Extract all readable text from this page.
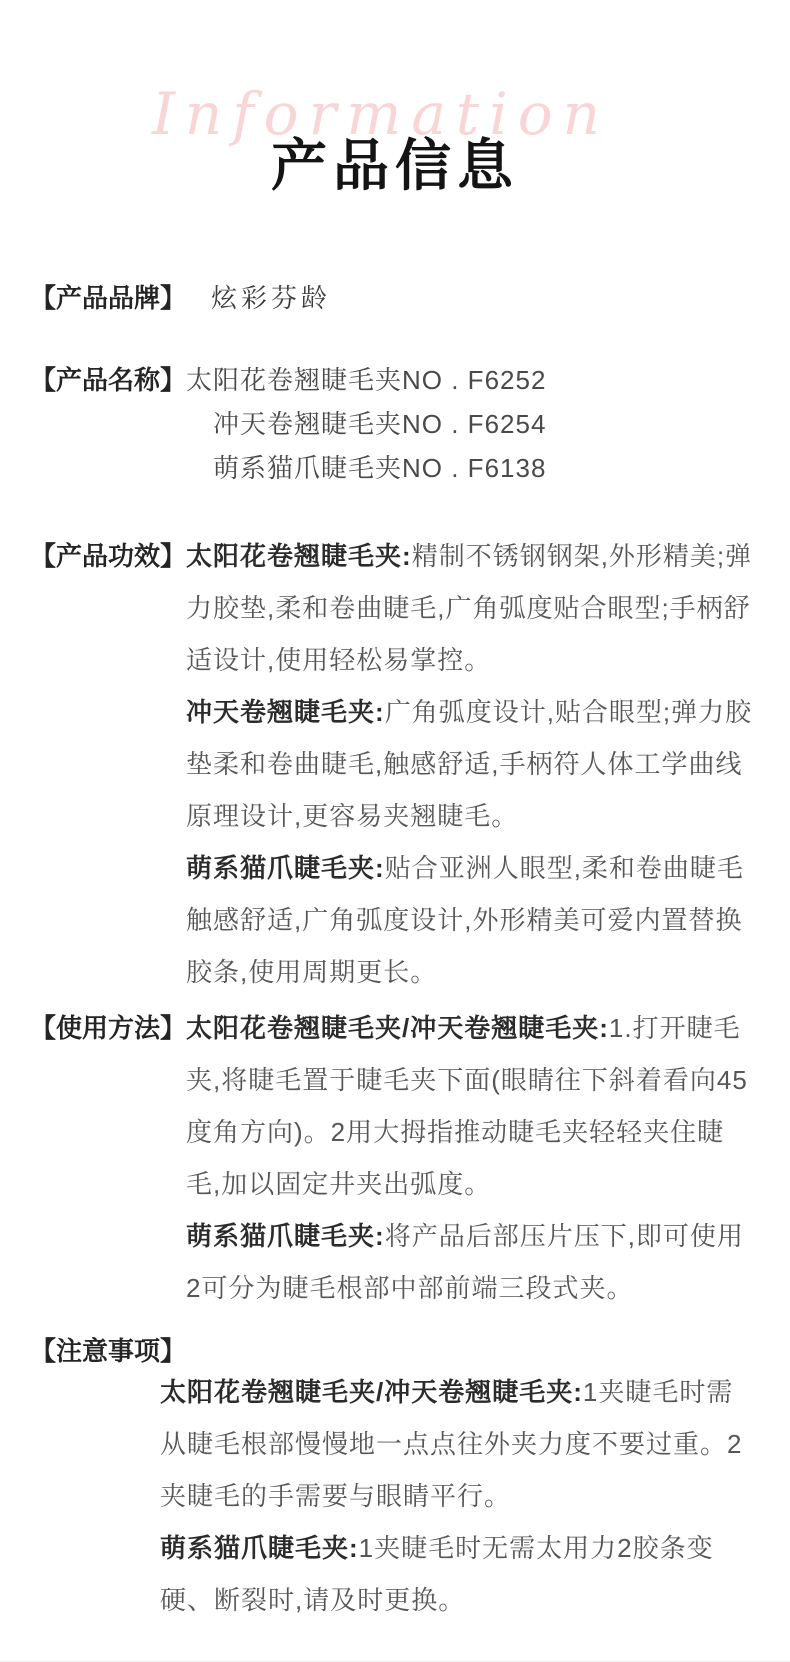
Information
产品信息
【产品品牌】 炫彩芬龄
【产品名称】 太阳花卷翘睫毛夹NO . F6252
冲天卷翘睫毛夹NO . F6254
萌系猫爪睫毛夹NO . F6138
【产品功效】 太阳花卷翘睫毛夹:精制不锈钢钢架,外形精美;弹力胶垫,柔和卷曲睫毛,广角弧度贴合眼型;手柄舒适设计,使用轻松易掌控。

冲天卷翘睫毛夹:广角弧度设计,贴合眼型;弹力胶垫柔和卷曲睫毛,触感舒适,手柄符人体工学曲线原理设计,更容易夹翘睫毛。

萌系猫爪睫毛夹:贴合亚洲人眼型,柔和卷曲睫毛触感舒适,广角弧度设计,外形精美可爱内置替换胶条,使用周期更长。

【使用方法】 太阳花卷翘睫毛夹/冲天卷翘睫毛夹:1.打开睫毛夹,将睫毛置于睫毛夹下面(眼睛往下斜着看向45度角方向)。2用大拇指推动睫毛夹轻轻夹住睫毛,加以固定井夹出弧度。

萌系猫爪睫毛夹:将产品后部压片压下,即可使用2可分为睫毛根部中部前端三段式夹。

【注意事项】

太阳花卷翘睫毛夹/冲天卷翘睫毛夹:1夹睫毛时需从睫毛根部慢慢地一点点往外夹力度不要过重。2夹睫毛的手需要与眼睛平行。

萌系猫爪睫毛夹:1夹睫毛时无需太用力2胶条变硬、断裂时,请及时更换。
